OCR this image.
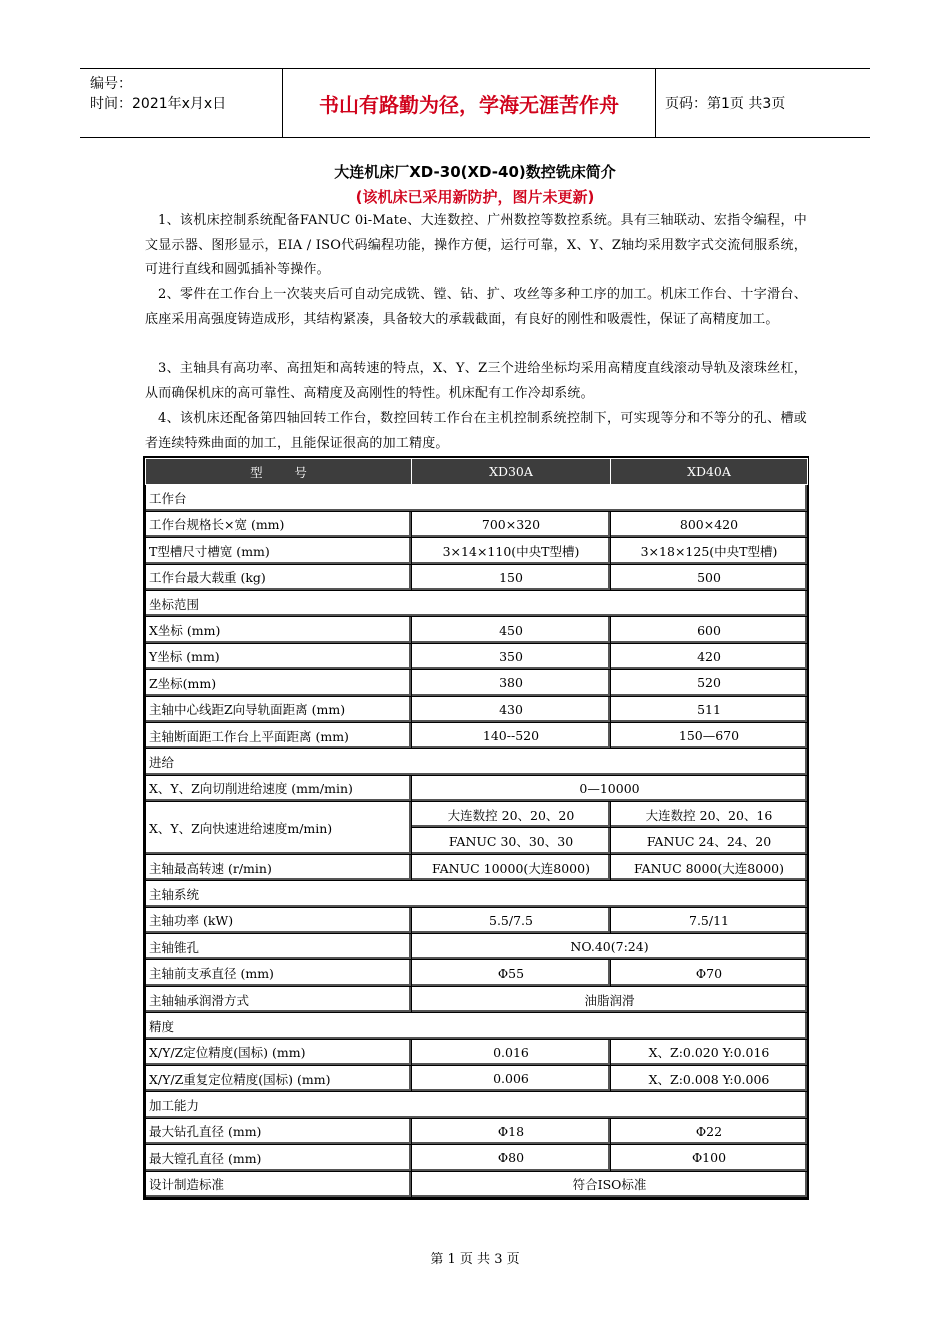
编号：
时间：2021年x月x日	书山有路勤为径，学海无涯苦作舟	页码：第1页 共3页
大连机床厂XD-30(XD-40)数控铣床简介
(该机床已采用新防护，图片未更新)
1、该机床控制系统配备FANUC 0i-Mate、大连数控、广州数控等数控系统。具有三轴联动、宏指令编程，中文显示器、图形显示，EIA / ISO代码编程功能，操作方便，运行可靠，X、Y、Z轴均采用数字式交流伺服系统，可进行直线和圆弧插补等操作。
2、零件在工作台上一次装夹后可自动完成铣、镗、钻、扩、攻丝等多种工序的加工。机床工作台、十字滑台、底座采用高强度铸造成形，其结构紧凑，具备较大的承载截面，有良好的刚性和吸震性，保证了高精度加工。
3、主轴具有高功率、高扭矩和高转速的特点，X、Y、Z三个进给坐标均采用高精度直线滚动导轨及滚珠丝杠，从而确保机床的高可靠性、高精度及高刚性的特性。机床配有工作冷却系统。
4、该机床还配备第四轴回转工作台，数控回转工作台在主机控制系统控制下，可实现等分和不等分的孔、槽或者连续特殊曲面的加工，且能保证很高的加工精度。
型        号	XD30A	XD40A
工作台		
工作台规格长×宽 (mm)	700×320	800×420
T型槽尺寸槽宽 (mm)	3×14×110(中央T型槽)	3×18×125(中央T型槽)
工作台最大载重 (kg)	150	500
坐标范围		
X坐标 (mm)	450	600
Y坐标 (mm)	350	420
Z坐标(mm)	380	520
主轴中心线距Z向导轨面距离 (mm)	430	511
主轴断面距工作台上平面距离 (mm)	140--520	150—670
进给		
X、Y、Z向切削进给速度 (mm/min)	0—10000	
X、Y、Z向快速进给速度m/min)	大连数控 20、20、20	大连数控 20、20、16
	FANUC 30、30、30	FANUC 24、24、20
主轴最高转速 (r/min)	FANUC 10000(大连8000)	FANUC 8000(大连8000)
主轴系统		
主轴功率 (kW)	5.5/7.5	7.5/11
主轴锥孔	NO.40(7:24)	
主轴前支承直径 (mm)	Φ55	Φ70
主轴轴承润滑方式	油脂润滑	
精度		
X/Y/Z定位精度(国标) (mm)	0.016	X、Z:0.020 Y:0.016
X/Y/Z重复定位精度(国标) (mm)	0.006	X、Z:0.008 Y:0.006
加工能力		
最大钻孔直径 (mm)	Φ18	Φ22
最大镗孔直径 (mm)	Φ80	Φ100
设计制造标准	符合ISO标准	
第 1 页 共 3 页
